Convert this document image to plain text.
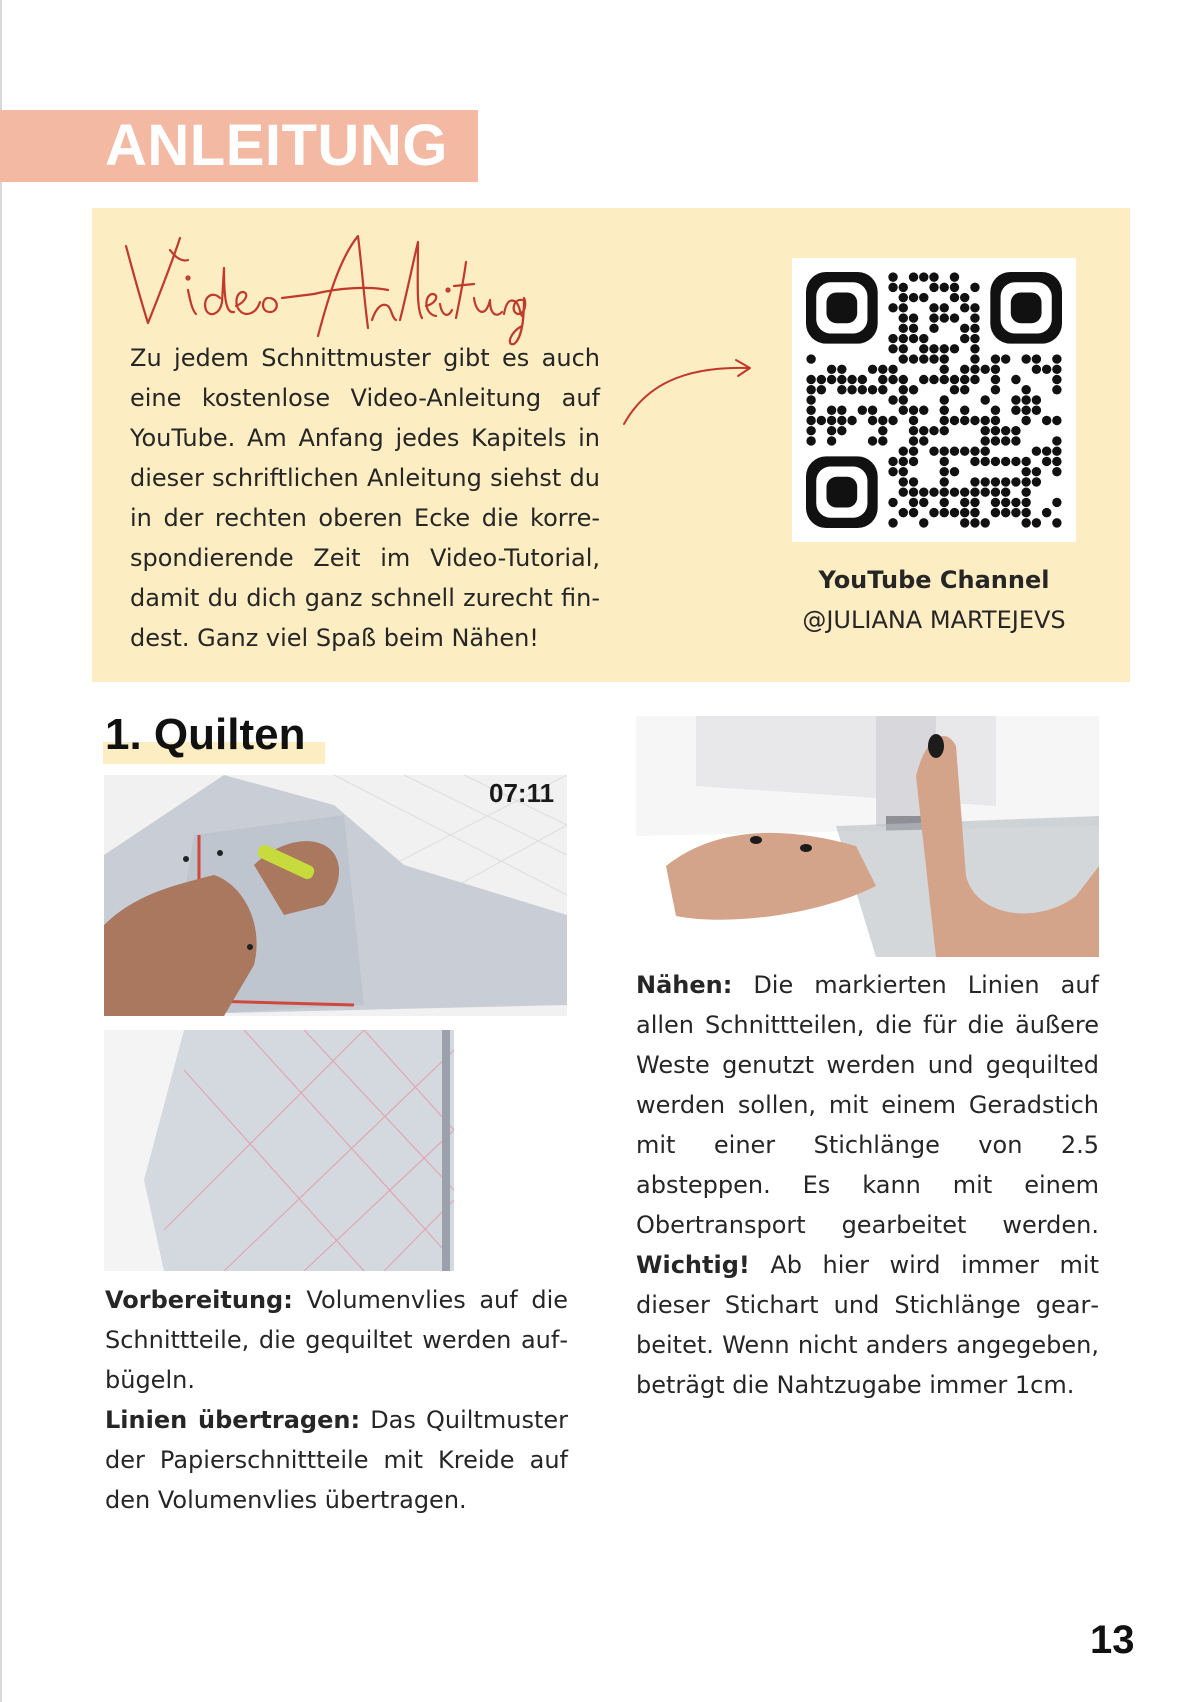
ANLEITUNG
Zu jedem Schnittmuster gibt es auch eine kostenlose Video-Anleitung auf YouTube. Am Anfang jedes Kapitels in dieser schriftlichen Anleitung siehst du in der rechten oberen Ecke die korrespondierende Zeit im Video-Tutorial, damit du dich ganz schnell zurecht findest. Ganz viel Spaß beim Nähen!
YouTube Channel
@JULIANA MARTEJEVS
1. Quilten
07:11
Vorbereitung: Volumenvlies auf die Schnittteile, die gequiltet werden aufbügeln.
Linien übertragen: Das Quiltmuster der Papierschnittteile mit Kreide auf den Volumenvlies übertragen.
Nähen: Die markierten Linien auf allen Schnittteilen, die für die äußere Weste genutzt werden und gequilted werden sollen, mit einem Geradstich mit einer Stichlänge von 2.5 absteppen. Es kann mit einem Obertransport gearbeitet werden. Wichtig! Ab hier wird immer mit dieser Stichart und Stichlänge gearbeitet. Wenn nicht anders angegeben, beträgt die Nahtzugabe immer 1cm.
13
